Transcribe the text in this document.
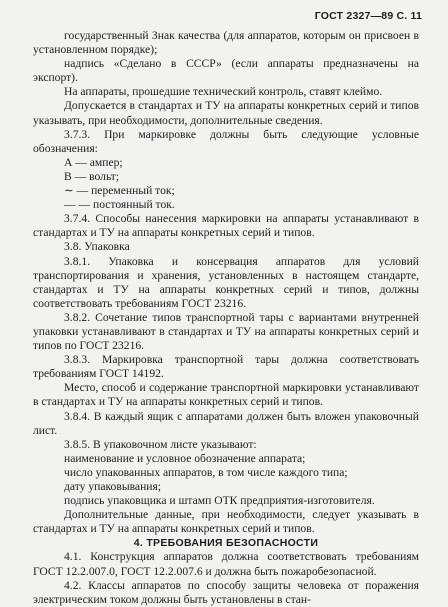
ГОСТ 2327—89 С. 11

государственный Знак качества (для аппаратов, которым он присвоен в установленном порядке);

надпись «Сделано в СССР» (если аппараты предназначены на экспорт).

На аппараты, прошедшие технический контроль, ставят клеймо.

Допускается в стандартах и ТУ на аппараты конкретных серий и типов указывать, при необходимости, дополнительные сведения.

3.7.3. При маркировке должны быть следующие условные обозначения:

А — ампер;

В — вольт;

∼ — переменный ток;

— — постоянный ток.

3.7.4. Способы нанесения маркировки на аппараты устанавливают в стандартах и ТУ на аппараты конкретных серий и типов.

3.8. Упаковка

3.8.1. Упаковка и консервация аппаратов для условий транспортирования и хранения, установленных в настоящем стандарте, стандартах и ТУ на аппараты конкретных серий и типов, должны соответствовать требованиям ГОСТ 23216.

3.8.2. Сочетание типов транспортной тары с вариантами внутренней упаковки устанавливают в стандартах и ТУ на аппараты конкретных серий и типов по ГОСТ 23216.

3.8.3. Маркировка транспортной тары должна соответствовать требованиям ГОСТ 14192.

Место, способ и содержание транспортной маркировки устанавливают в стандартах и ТУ на аппараты конкретных серий и типов.

3.8.4. В каждый ящик с аппаратами должен быть вложен упаковочный лист.

3.8.5. В упаковочном листе указывают:

наименование и условное обозначение аппарата;

число упакованных аппаратов, в том числе каждого типа;

дату упаковывания;

подпись упаковщика и штамп ОТК предприятия-изготовителя.

Дополнительные данные, при необходимости, следует указывать в стандартах и ТУ на аппараты конкретных серий и типов.

4. ТРЕБОВАНИЯ БЕЗОПАСНОСТИ

4.1. Конструкция аппаратов должна соответствовать требованиям ГОСТ 12.2.007.0, ГОСТ 12.2.007.6 и должна быть пожаробезопасной.

4.2. Классы аппаратов по способу защиты человека от поражения электрическим током должны быть установлены в стан-
